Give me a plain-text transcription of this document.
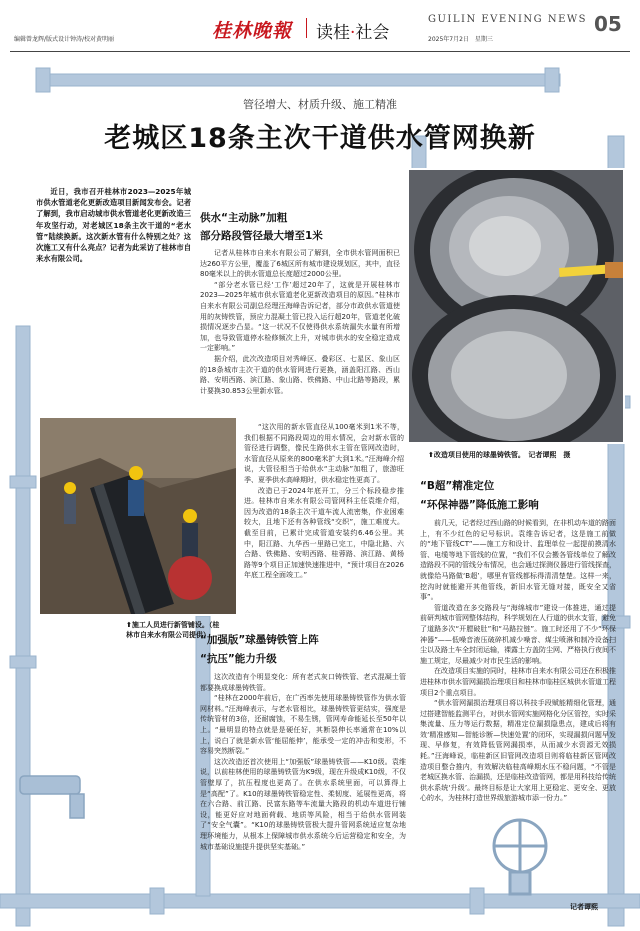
编辑曾龙辉/版式设计钟涛/校对黄明丽	桂林晚報 读桂·社会
GUILIN EVENING NEWS
2025年7月2日　星期三
05
管径增大、材质升级、施工精准
老城区18条主次干道供水管网换新
近日，我市召开桂林市2023—2025年城市供水管道老化更新改造项目新闻发布会。记者了解到，我市启动城市供水管道老化更新改造三年攻坚行动，对老城区18条主次干道的“老水管”陆续换新。这次新水管有什么特别之处？这次施工又有什么亮点？记者为此采访了桂林市自来水有限公司。
⬆改造项目使用的球墨铸铁管。　记者谭熙　摄
⬆施工人员进行新管铺设。（桂林市自来水有限公司提供）
供水“主动脉”加粗
部分路段管径最大增至1米

记者从桂林市自来水有限公司了解到，全市供水管网面积已达260平方公里，覆盖了6城区所有城市建设规划区，其中，直径80毫米以上的供水管道总长度超过2000公里。

“部分老水管已经‘工作’超过20年了，这就是开展桂林市2023—2025年城市供水管道老化更新改造项目的原因。”桂林市自来水有限公司副总经理汪海峰告诉记者，部分市政供水管道使用的灰铸铁管，预应力混凝土管已投入运行超20年，管道老化破损情况逐步凸显。“这一状况不仅使得供水系统漏失水量有所增加，也导致管道停水检修频次上升，对城市供水的安全稳定造成一定影响。”

据介绍，此次改造项目对秀峰区、叠彩区、七星区、象山区的18条城市主次干道的供水管网进行更换，涵盖阳江路、西山路、安明西路、滨江路、象山路、铁佛路、中山北路等路段，累计要换30.853公里新水管。

“这次用的新水管直径从100毫米到1米不等，我们根据不同路段周边的用水情况，会对新水管的管径进行调整，像民生路供水主管在管网改造时，水管直径从原来的800毫米扩大到1米。”汪海峰介绍说，大管径相当于给供水“主动脉”加粗了，旅游旺季、夏季供水高峰期时，供水稳定性更高了。

改造已于2024年底开工，分三个标段稳步推进。桂林市自来水有限公司管网科主任袁维介绍，因为改造的18条主次干道车流人流密集，作业困难较大，且地下还有各种管线“交织”，施工难度大。截至目前，已累计完成管道安装约6.46公里。其中，阳江路、九华西一里路已完工，中隐北路、六合路、铁佛路、安明西路、桂蓉路、滨江路、黄杨路等9个项目正加速快速推进中，“预计项目在2026年底工程全面竣工。”

“加强版”球墨铸铁管上阵
“抗压”能力升级

这次改造有个明显变化：所有老式灰口铸铁管、老式混凝土管都要换成球墨铸铁管。

“桂林在2000年前后，在广西率先使用球墨铸铁管作为供水管网材料。”汪海峰表示，与老水管相比，球墨铸铁管更结实，强度是传统管材的3倍，还耐腐蚀，不易生锈，管网寿命能延长至50年以上。“最明显的特点就是是硬任好，其断裂伸长率通常在10%以上，说白了就是新水管‘能屈能伸’，能承受一定的冲击和变形，不容易突然断裂。”

这次改造还首次使用上“加强版”球墨铸铁管——K10级。袁维说，以前桂林使用的球墨铸铁管为K9级，现在升级成K10级，不仅管壁厚了，抗压程度也更高了。在供水系统里面，可以算得上是“高配”了。K10的球墨铸铁管稳定性、柔韧度、延展性更高，将在六合路、前江路、民富东路等车流量大路段的机动车道进行铺设，能更好应对地面荷载、地质等风险，相当于给供水管网装了“安全气囊”。“K10的球墨铸铁管极大提升管网系统适应复杂地理环境能力，从根本上保障城市供水系统今后运营稳定和安全，为城市基础设施提升提供坚实基础。”

“B超”精准定位
“环保神器”降低施工影响

前几天，记者经过西山路的时候看到，在非机动车道的路面上，有不少红色的记号标识。袁维告诉记者，这是施工前做的“地下管线CT”——施工方和设计、监理单位一起提前摸清水管、电缆等地下管线的位置，“我们不仅会搬各管线单位了解改造路段不同的管线分布情况，也会通过探测仪器进行管线探查，就像给马路做‘B超’，哪里有管线都标得清清楚楚。这样一来，挖沟时就能避开其他管线，新旧水管无缝对接，既安全又省事”。

管道改造在多交路段与“海绵城市”建设一体推进，通过提前研判城市管网整体结构，科学规划在人行道的供水支管，避免了道路多次“开膛破肚”和“马路拉链”。施工时还用了不少“环保神器”——低噪音液压破碎机减少噪音、煤尘喷淋和制冷设备扫尘以及路土车全封闭运输，裸露土方盖防尘网、严格执行夜间不施工规定，尽最减少对市民生活的影响。

在改造项目实施的同时，桂林市自来水有限公司还在积极推进桂林市供水管网漏损治理项目和桂林市临桂区城供水管道工程项目2个重点项目。

“供水管网漏损治理项目将以科技手段赋能精细化管理，通过搭建智能监测平台，对供水管网实施网格化分区管控，实时采集流量、压力等运行数据，精准定位漏损隐患点，建成后将有效‘精准感知—智能诊断—快速处置’的闭环，实现漏损问题早发现、早修复，有效降低管网漏损率，从而减少水资源无效损耗。”汪海峰说，临桂新区旧管网改造项目则将临桂新区管网改造项目整合推内，有效解决临桂高峰期水压不稳问题，“不管是老城区换水管、治漏损，还是临桂改造管网，都是用科技给传统供水系统‘升级’。最终目标是让大家用上更稳定、更安全、更放心的水，为桂林打造世界级旅游城市添一份力。”

记者谭熙
